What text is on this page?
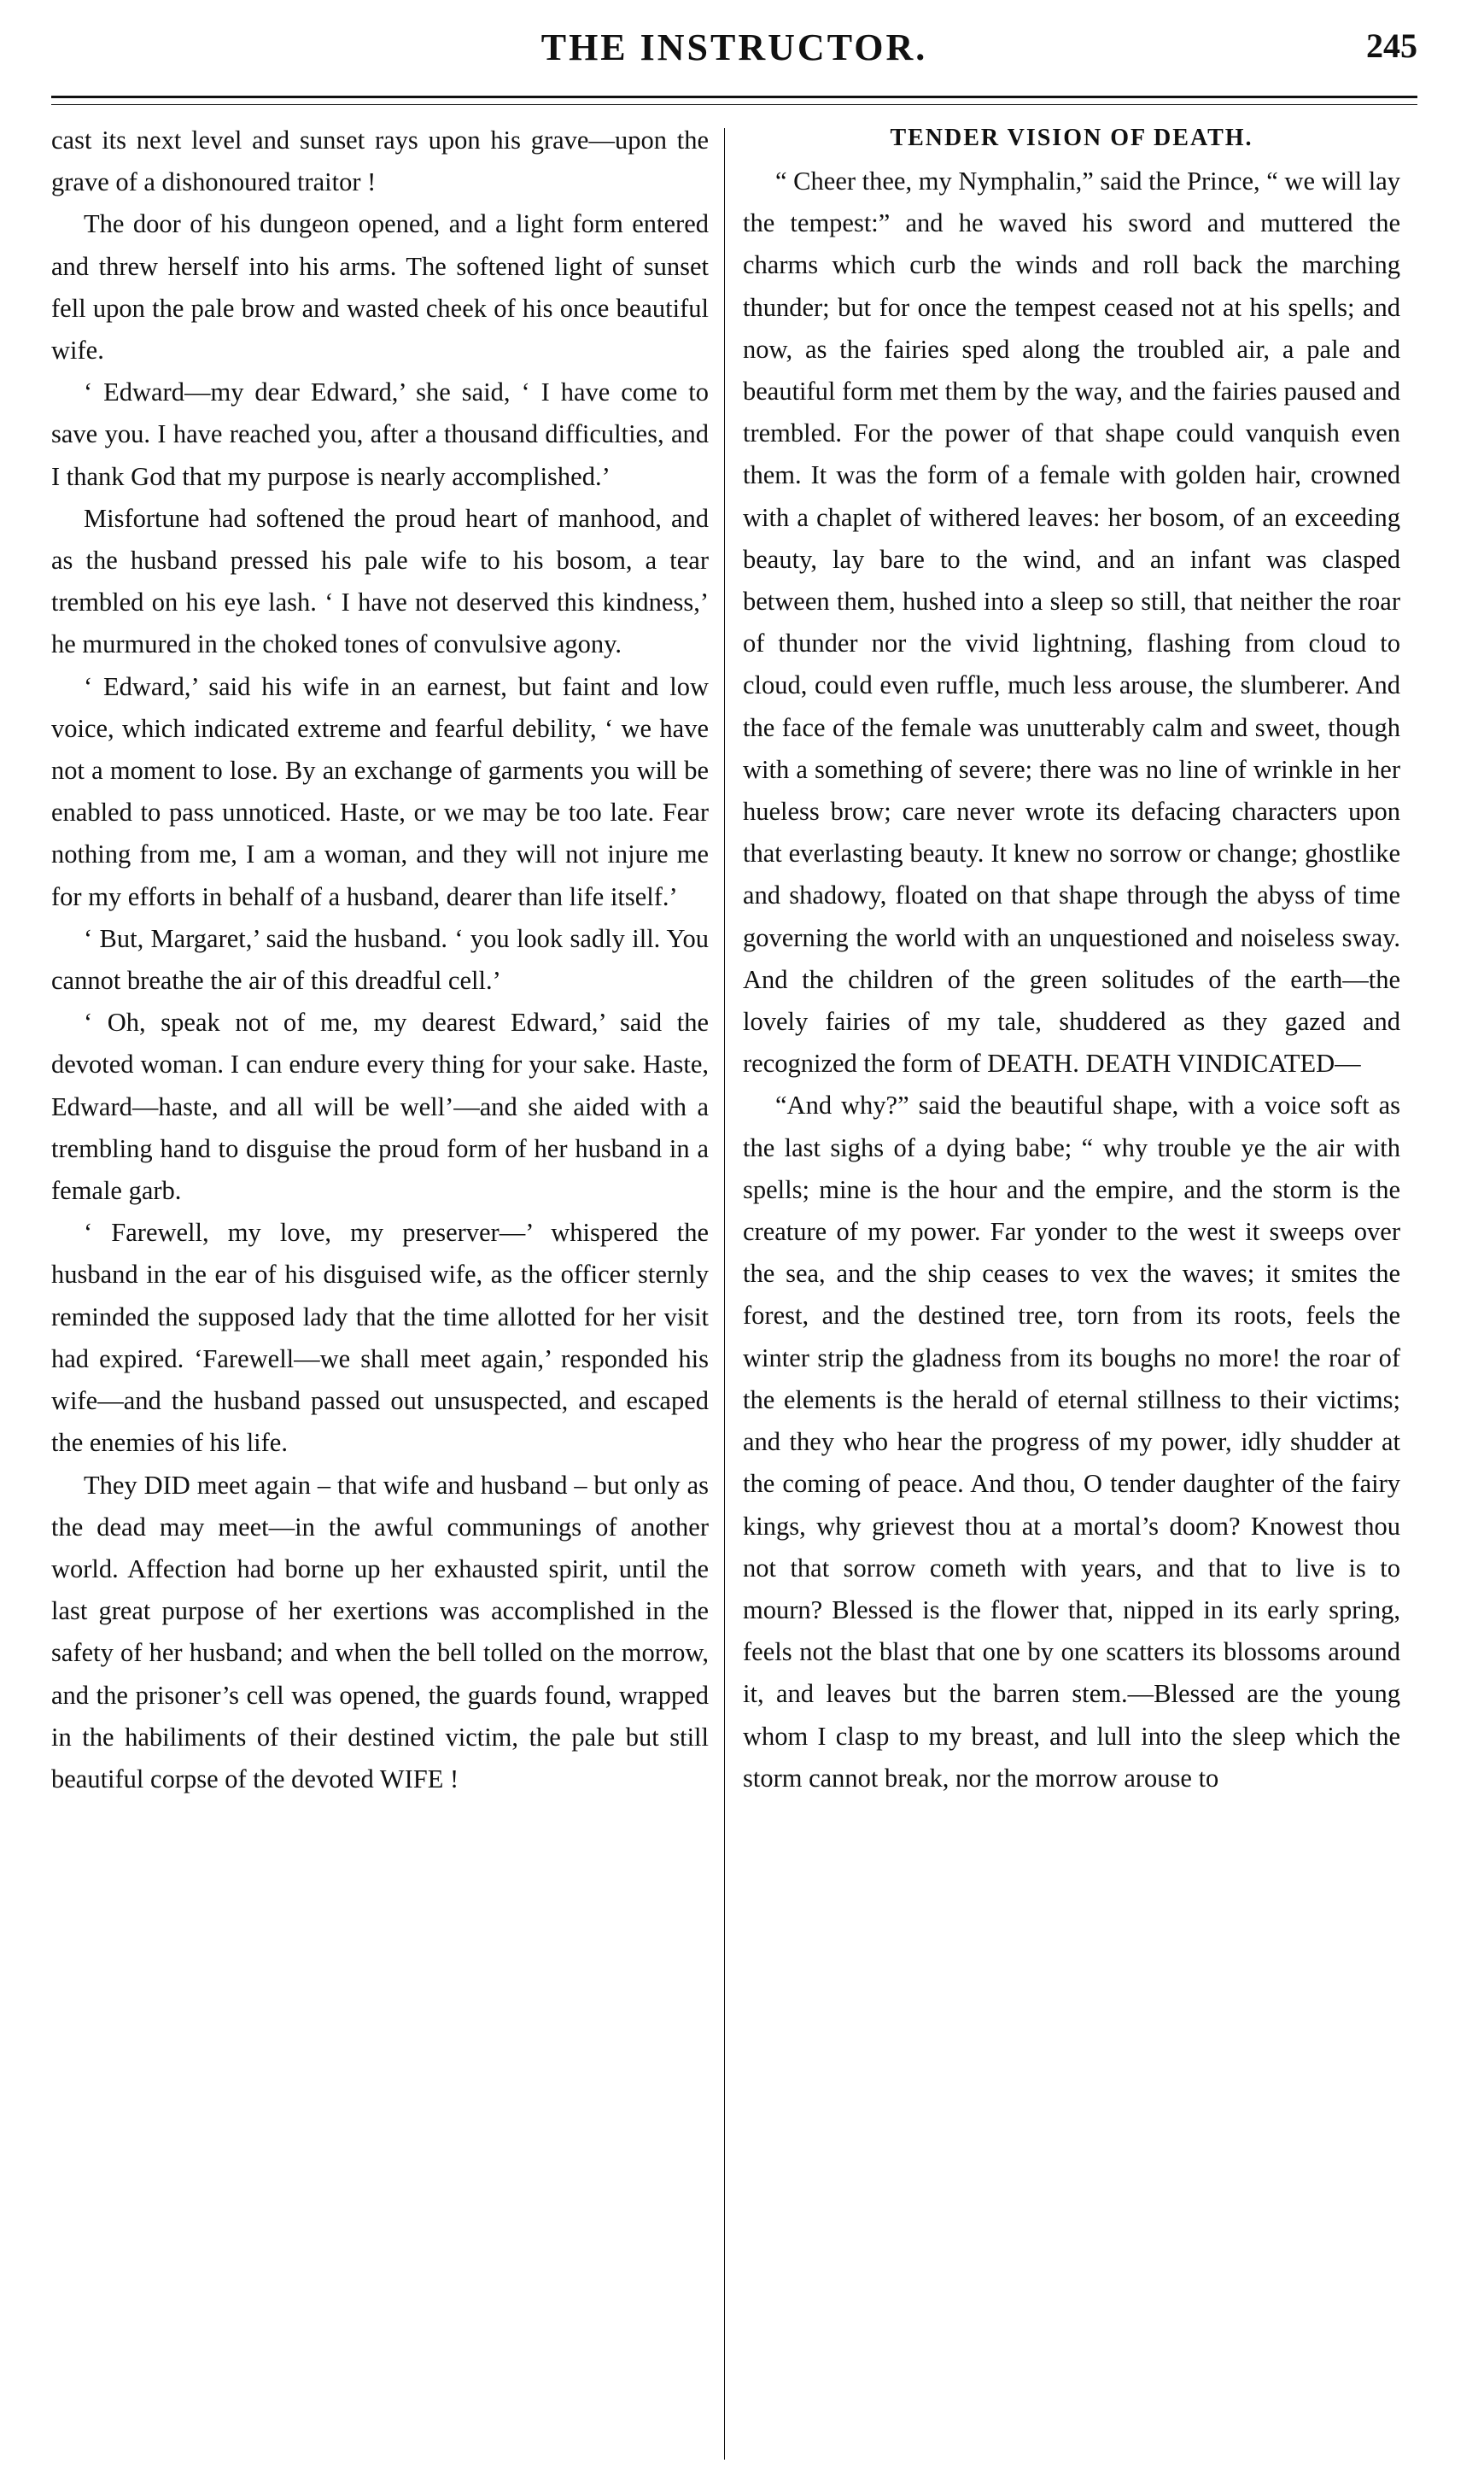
THE INSTRUCTOR.	245

cast its next level and sunset rays upon his grave—upon the grave of a dishonoured traitor !

The door of his dungeon opened, and a light form entered and threw herself into his arms. The softened light of sunset fell upon the pale brow and wasted cheek of his once beautiful wife.

‘ Edward—my dear Edward,’ she said, ‘ I have come to save you. I have reached you, after a thousand difficulties, and I thank God that my purpose is nearly accomplished.’

Misfortune had softened the proud heart of manhood, and as the husband pressed his pale wife to his bosom, a tear trembled on his eye lash. ‘ I have not deserved this kindness,’ he murmured in the choked tones of convulsive agony.

‘ Edward,’ said his wife in an earnest, but faint and low voice, which indicated extreme and fearful debility, ‘ we have not a moment to lose. By an exchange of garments you will be enabled to pass unnoticed. Haste, or we may be too late. Fear nothing from me, I am a woman, and they will not injure me for my efforts in behalf of a husband, dearer than life itself.’

‘ But, Margaret,’ said the husband. ‘ you look sadly ill. You cannot breathe the air of this dreadful cell.’

‘ Oh, speak not of me, my dearest Edward,’ said the devoted woman. I can endure every thing for your sake. Haste, Edward—haste, and all will be well’—and she aided with a trembling hand to disguise the proud form of her husband in a female garb.

‘ Farewell, my love, my preserver—’ whispered the husband in the ear of his disguised wife, as the officer sternly reminded the supposed lady that the time allotted for her visit had expired. ‘Farewell—we shall meet again,’ responded his wife—and the husband passed out unsuspected, and escaped the enemies of his life.

They DID meet again – that wife and husband – but only as the dead may meet—in the awful communings of another world. Affection had borne up her exhausted spirit, until the last great purpose of her exertions was accomplished in the safety of her husband; and when the bell tolled on the morrow, and the prisoner’s cell was opened, the guards found, wrapped in the habiliments of their destined victim, the pale but still beautiful corpse of the devoted WIFE !

TENDER VISION OF DEATH.

“ Cheer thee, my Nymphalin,” said the Prince, “ we will lay the tempest:” and he waved his sword and muttered the charms which curb the winds and roll back the marching thunder; but for once the tempest ceased not at his spells; and now, as the fairies sped along the troubled air, a pale and beautiful form met them by the way, and the fairies paused and trembled. For the power of that shape could vanquish even them. It was the form of a female with golden hair, crowned with a chaplet of withered leaves: her bosom, of an exceeding beauty, lay bare to the wind, and an infant was clasped between them, hushed into a sleep so still, that neither the roar of thunder nor the vivid lightning, flashing from cloud to cloud, could even ruffle, much less arouse, the slumberer. And the face of the female was unutterably calm and sweet, though with a something of severe; there was no line of wrinkle in her hueless brow; care never wrote its defacing characters upon that everlasting beauty. It knew no sorrow or change; ghostlike and shadowy, floated on that shape through the abyss of time governing the world with an unquestioned and noiseless sway. And the children of the green solitudes of the earth—the lovely fairies of my tale, shuddered as they gazed and recognized the form of DEATH. DEATH VINDICATED—

“And why?” said the beautiful shape, with a voice soft as the last sighs of a dying babe; “ why trouble ye the air with spells; mine is the hour and the empire, and the storm is the creature of my power. Far yonder to the west it sweeps over the sea, and the ship ceases to vex the waves; it smites the forest, and the destined tree, torn from its roots, feels the winter strip the gladness from its boughs no more! the roar of the elements is the herald of eternal stillness to their victims; and they who hear the progress of my power, idly shudder at the coming of peace. And thou, O tender daughter of the fairy kings, why grievest thou at a mortal’s doom? Knowest thou not that sorrow cometh with years, and that to live is to mourn? Blessed is the flower that, nipped in its early spring, feels not the blast that one by one scatters its blossoms around it, and leaves but the barren stem.—Blessed are the young whom I clasp to my breast, and lull into the sleep which the storm cannot break, nor the morrow arouse to
